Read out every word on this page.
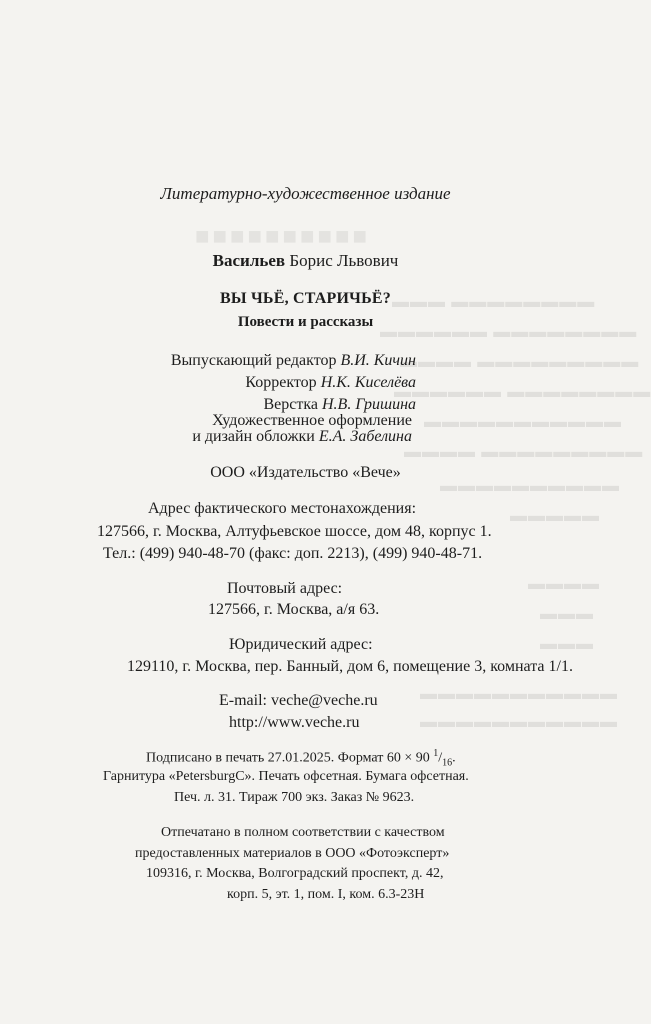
■■■■■■■■■■
▬▬▬ ▬▬▬▬▬▬▬▬
▬▬▬▬▬▬ ▬▬▬▬▬▬▬▬
▬▬▬▬ ▬▬▬▬▬▬▬▬▬
▬▬▬▬▬▬ ▬▬▬▬▬▬▬▬
▬▬▬▬▬▬▬▬▬▬▬
▬▬▬▬ ▬▬▬▬▬▬▬▬▬
▬▬▬▬▬▬▬▬▬▬
▬▬▬▬▬
▬▬▬▬
▬▬▬
▬▬▬
▬▬▬▬▬▬▬▬▬▬▬
▬▬▬▬▬▬▬▬▬▬▬
Литературно-художественное издание
Васильев Борис Львович
ВЫ ЧЬЁ, СТАРИЧЬЁ?
Повести и рассказы
Выпускающий редактор В.И. Кичин
Корректор Н.К. Киселёва
Верстка Н.В. Гришина
Художественное оформление
и дизайн обложки Е.А. Забелина
ООО «Издательство «Вече»
Адрес фактического местонахождения:
127566, г. Москва, Алтуфьевское шоссе, дом 48, корпус 1.
Тел.: (499) 940-48-70 (факс: доп. 2213), (499) 940-48-71.
Почтовый адрес:
127566, г. Москва, а/я 63.
Юридический адрес:
129110, г. Москва, пер. Банный, дом 6, помещение 3, комната 1/1.
E-mail: veche@veche.ru
http://www.veche.ru
Подписано в печать 27.01.2025. Формат 60 × 90 $^1/_{16}$.
Гарнитура «PetersburgC». Печать офсетная. Бумага офсетная.
Печ. л. 31. Тираж 700 экз. Заказ № 9623.
Отпечатано в полном соответствии с качеством
предоставленных материалов в ООО «Фотоэксперт»
109316, г. Москва, Волгоградский проспект, д. 42,
корп. 5, эт. 1, пом. I, ком. 6.3-23Н
